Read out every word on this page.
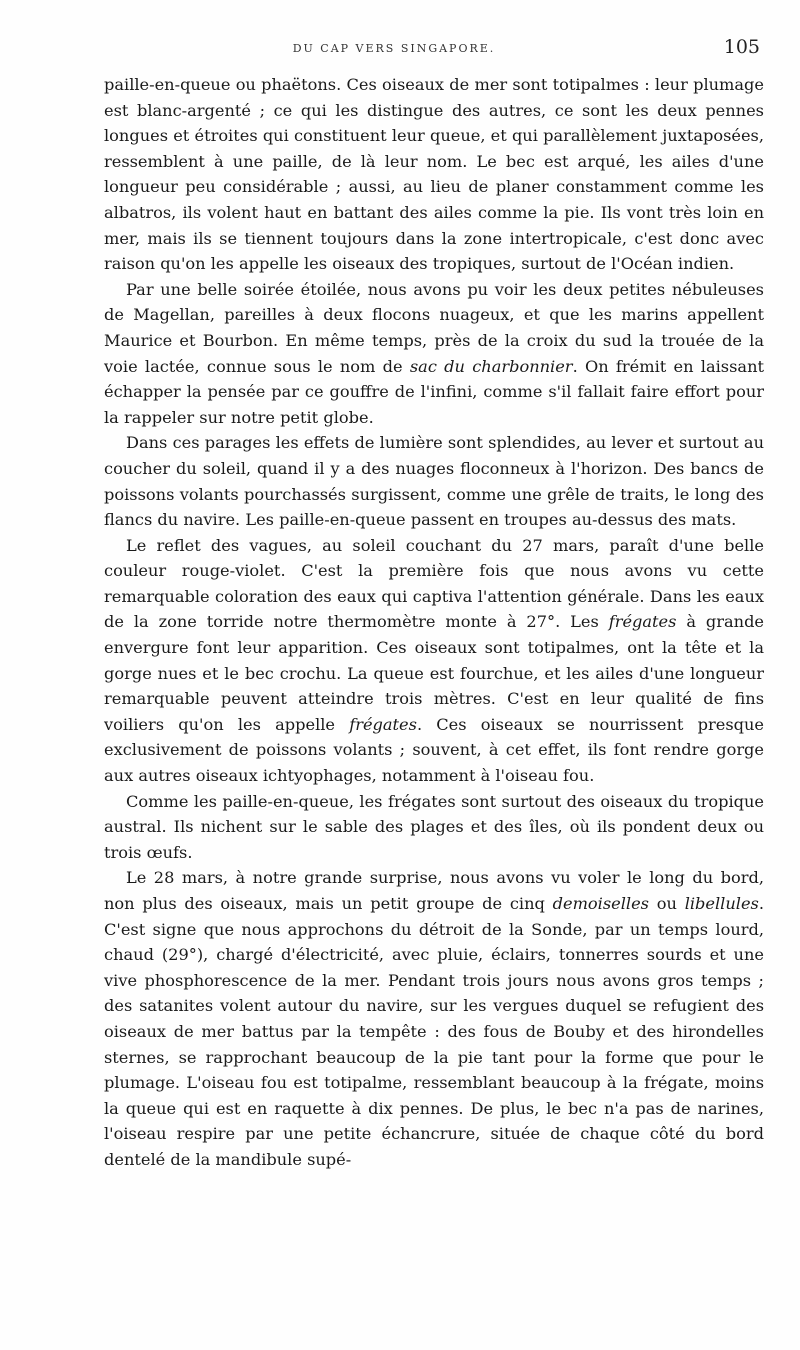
DU CAP VERS SINGAPORE.	105

paille-en-queue ou phaëtons. Ces oiseaux de mer sont totipalmes : leur plumage est blanc-argenté ; ce qui les distingue des autres, ce sont les deux pennes longues et étroites qui constituent leur queue, et qui parallèlement juxtaposées, ressemblent à une paille, de là leur nom. Le bec est arqué, les ailes d'une longueur peu considérable ; aussi, au lieu de planer constamment comme les albatros, ils volent haut en battant des ailes comme la pie. Ils vont très loin en mer, mais ils se tiennent toujours dans la zone intertropicale, c'est donc avec raison qu'on les appelle les oiseaux des tropiques, surtout de l'Océan indien.

Par une belle soirée étoilée, nous avons pu voir les deux petites nébuleuses de Magellan, pareilles à deux flocons nuageux, et que les marins appellent Maurice et Bourbon. En même temps, près de la croix du sud la trouée de la voie lactée, connue sous le nom de sac du charbonnier. On frémit en laissant échapper la pensée par ce gouffre de l'infini, comme s'il fallait faire effort pour la rappeler sur notre petit globe.

Dans ces parages les effets de lumière sont splendides, au lever et surtout au coucher du soleil, quand il y a des nuages floconneux à l'horizon. Des bancs de poissons volants pourchassés surgissent, comme une grêle de traits, le long des flancs du navire. Les paille-en-queue passent en troupes au-dessus des mats.

Le reflet des vagues, au soleil couchant du 27 mars, paraît d'une belle couleur rouge-violet. C'est la première fois que nous avons vu cette remarquable coloration des eaux qui captiva l'attention générale. Dans les eaux de la zone torride notre thermomètre monte à 27°. Les frégates à grande envergure font leur apparition. Ces oiseaux sont totipalmes, ont la tête et la gorge nues et le bec crochu. La queue est fourchue, et les ailes d'une longueur remarquable peuvent atteindre trois mètres. C'est en leur qualité de fins voiliers qu'on les appelle frégates. Ces oiseaux se nourrissent presque exclusivement de poissons volants ; souvent, à cet effet, ils font rendre gorge aux autres oiseaux ichtyophages, notamment à l'oiseau fou.

Comme les paille-en-queue, les frégates sont surtout des oiseaux du tropique austral. Ils nichent sur le sable des plages et des îles, où ils pondent deux ou trois œufs.

Le 28 mars, à notre grande surprise, nous avons vu voler le long du bord, non plus des oiseaux, mais un petit groupe de cinq demoiselles ou libellules. C'est signe que nous approchons du détroit de la Sonde, par un temps lourd, chaud (29°), chargé d'électricité, avec pluie, éclairs, tonnerres sourds et une vive phosphorescence de la mer. Pendant trois jours nous avons gros temps ; des satanites volent autour du navire, sur les vergues duquel se refugient des oiseaux de mer battus par la tempête : des fous de Bouby et des hirondelles sternes, se rapprochant beaucoup de la pie tant pour la forme que pour le plumage. L'oiseau fou est totipalme, ressemblant beaucoup à la frégate, moins la queue qui est en raquette à dix pennes. De plus, le bec n'a pas de narines, l'oiseau respire par une petite échancrure, située de chaque côté du bord dentelé de la mandibule supé-
